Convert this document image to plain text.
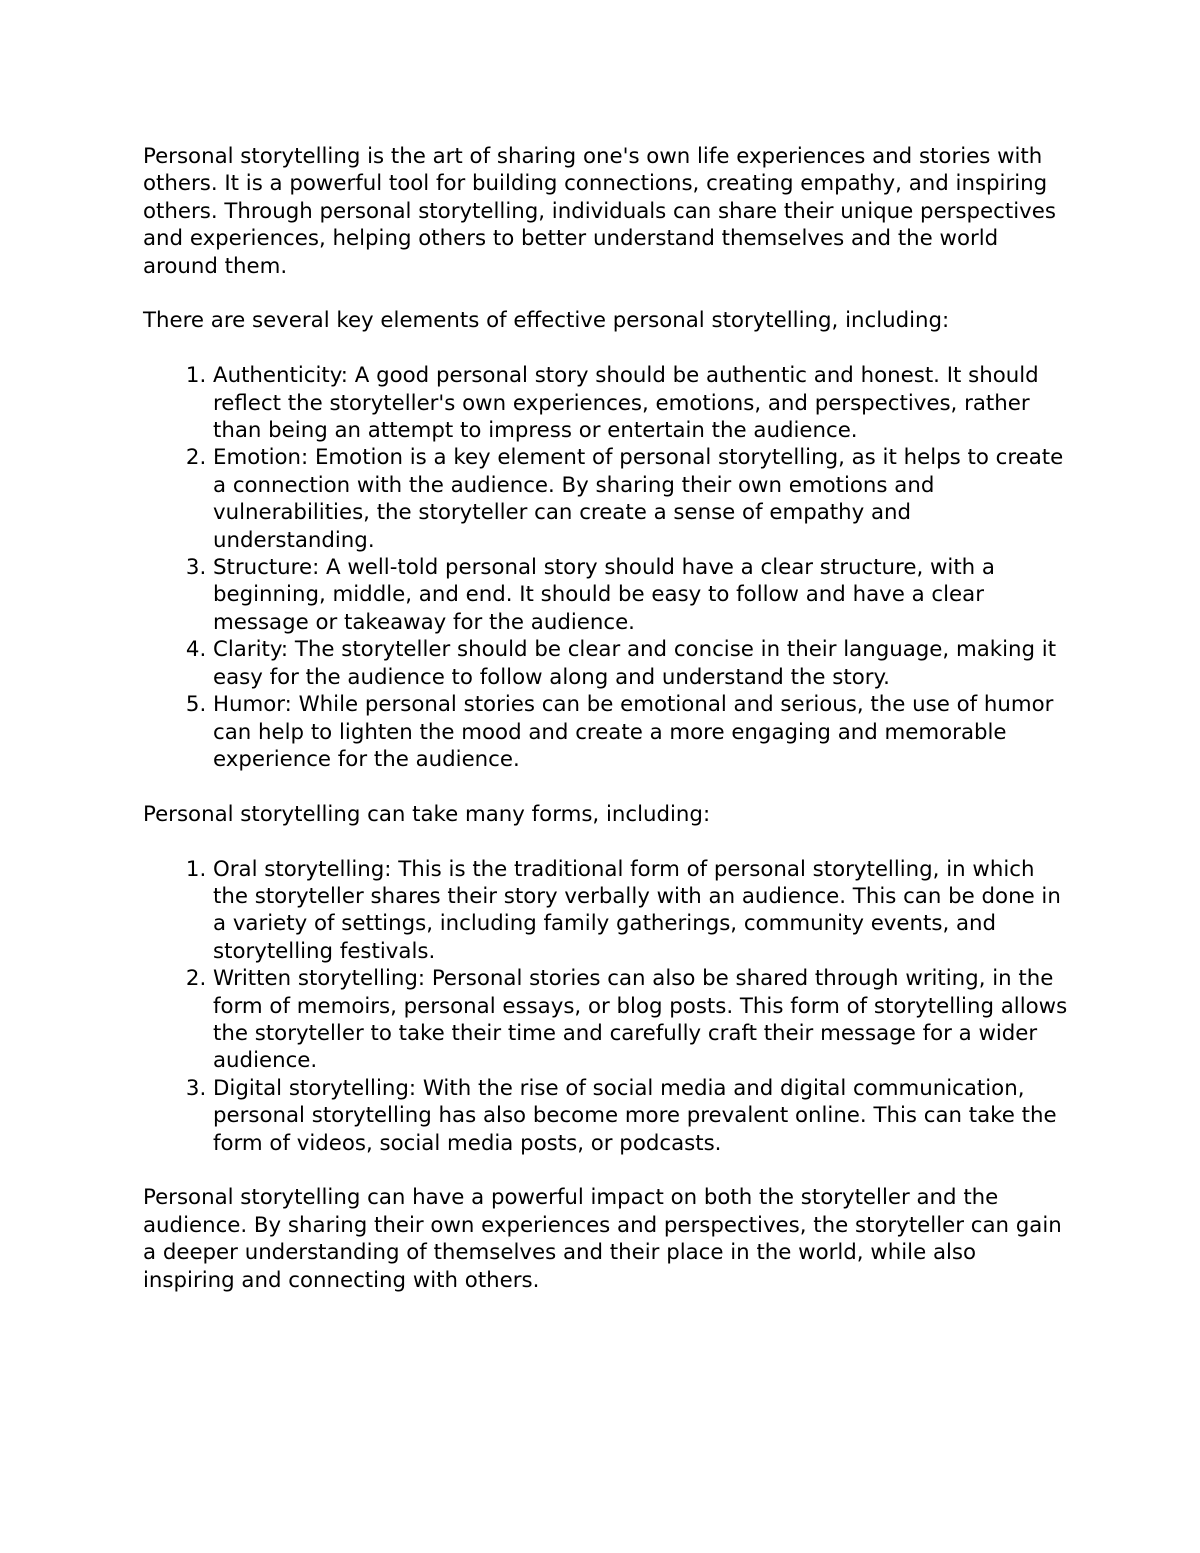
Personal storytelling is the art of sharing one's own life experiences and stories with others. It is a powerful tool for building connections, creating empathy, and inspiring others. Through personal storytelling, individuals can share their unique perspectives and experiences, helping others to better understand themselves and the world around them.

There are several key elements of effective personal storytelling, including:

1. Authenticity: A good personal story should be authentic and honest. It should reflect the storyteller's own experiences, emotions, and perspectives, rather than being an attempt to impress or entertain the audience.
2. Emotion: Emotion is a key element of personal storytelling, as it helps to create a connection with the audience. By sharing their own emotions and vulnerabilities, the storyteller can create a sense of empathy and understanding.
3. Structure: A well-told personal story should have a clear structure, with a beginning, middle, and end. It should be easy to follow and have a clear message or takeaway for the audience.
4. Clarity: The storyteller should be clear and concise in their language, making it easy for the audience to follow along and understand the story.
5. Humor: While personal stories can be emotional and serious, the use of humor can help to lighten the mood and create a more engaging and memorable experience for the audience.

Personal storytelling can take many forms, including:

1. Oral storytelling: This is the traditional form of personal storytelling, in which the storyteller shares their story verbally with an audience. This can be done in a variety of settings, including family gatherings, community events, and storytelling festivals.
2. Written storytelling: Personal stories can also be shared through writing, in the form of memoirs, personal essays, or blog posts. This form of storytelling allows the storyteller to take their time and carefully craft their message for a wider audience.
3. Digital storytelling: With the rise of social media and digital communication, personal storytelling has also become more prevalent online. This can take the form of videos, social media posts, or podcasts.

Personal storytelling can have a powerful impact on both the storyteller and the audience. By sharing their own experiences and perspectives, the storyteller can gain a deeper understanding of themselves and their place in the world, while also inspiring and connecting with others.
